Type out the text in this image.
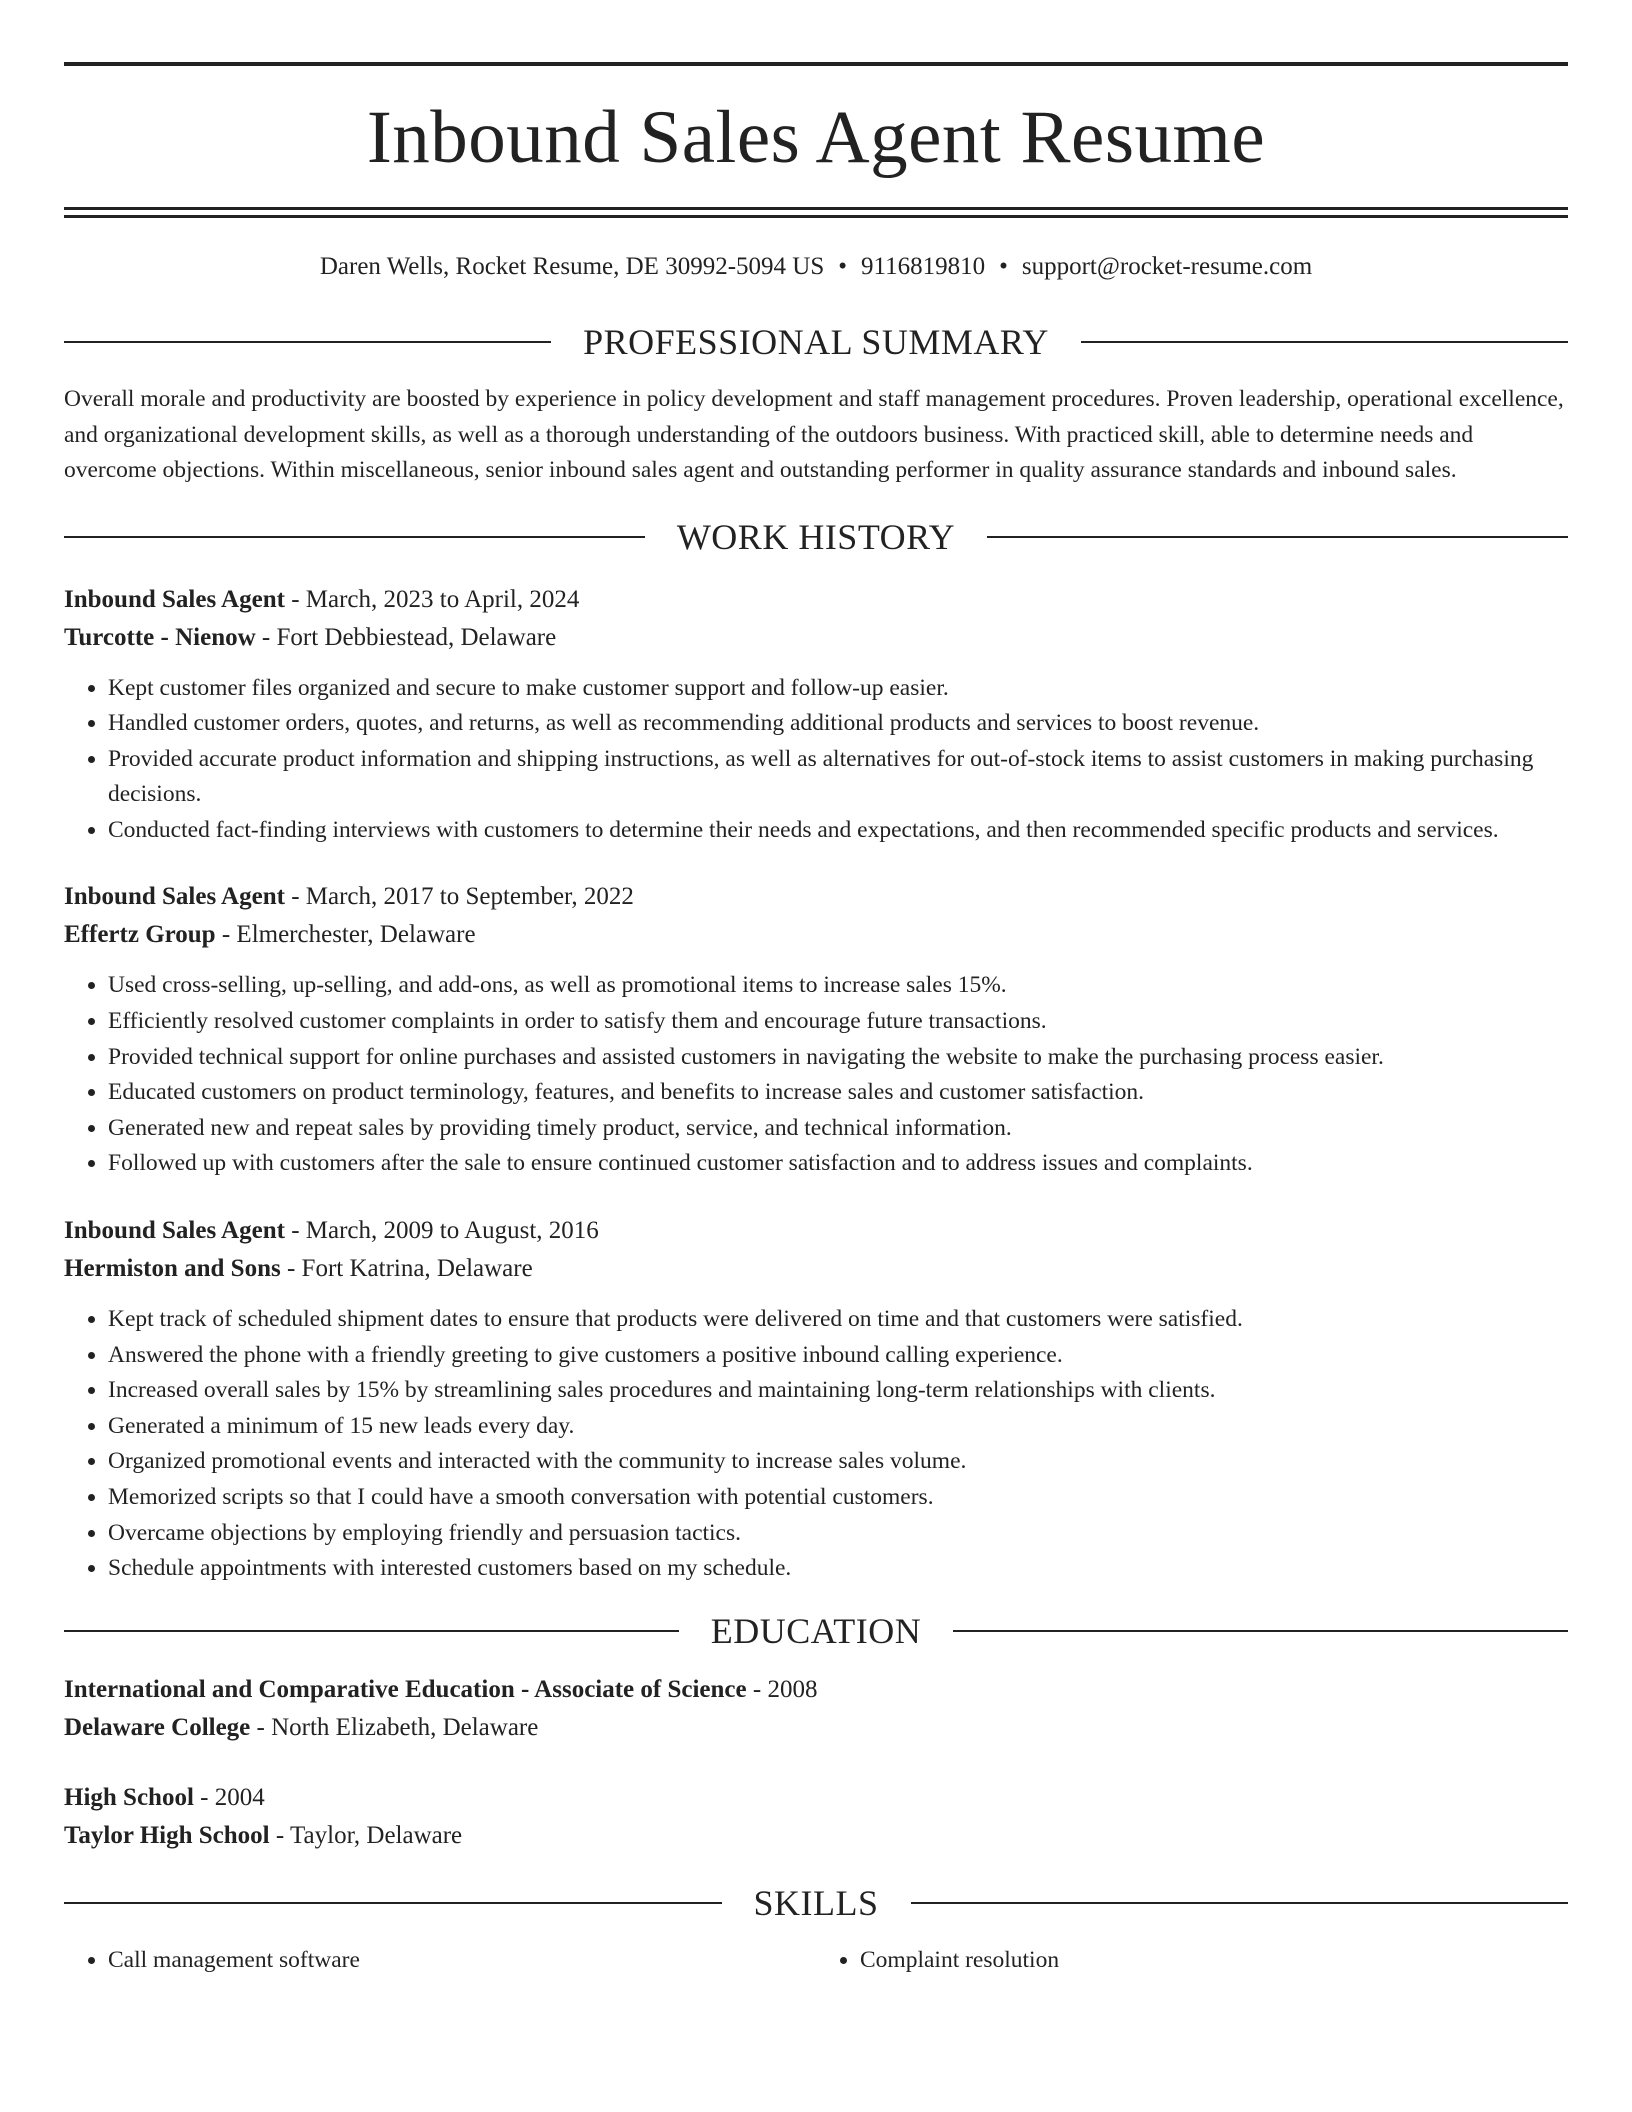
Inbound Sales Agent Resume
Daren Wells, Rocket Resume, DE 30992-5094 US • 9116819810 • support@rocket-resume.com
PROFESSIONAL SUMMARY

Overall morale and productivity are boosted by experience in policy development and staff management procedures. Proven leadership, operational excellence, and organizational development skills, as well as a thorough understanding of the outdoors business. With practiced skill, able to determine needs and overcome objections. Within miscellaneous, senior inbound sales agent and outstanding performer in quality assurance standards and inbound sales.

WORK HISTORY
Inbound Sales Agent - March, 2023 to April, 2024
Turcotte - Nienow - Fort Debbiestead, Delaware
• Kept customer files organized and secure to make customer support and follow-up easier.
• Handled customer orders, quotes, and returns, as well as recommending additional products and services to boost revenue.
• Provided accurate product information and shipping instructions, as well as alternatives for out-of-stock items to assist customers in making purchasing decisions.
• Conducted fact-finding interviews with customers to determine their needs and expectations, and then recommended specific products and services.
Inbound Sales Agent - March, 2017 to September, 2022
Effertz Group - Elmerchester, Delaware
• Used cross-selling, up-selling, and add-ons, as well as promotional items to increase sales 15%.
• Efficiently resolved customer complaints in order to satisfy them and encourage future transactions.
• Provided technical support for online purchases and assisted customers in navigating the website to make the purchasing process easier.
• Educated customers on product terminology, features, and benefits to increase sales and customer satisfaction.
• Generated new and repeat sales by providing timely product, service, and technical information.
• Followed up with customers after the sale to ensure continued customer satisfaction and to address issues and complaints.
Inbound Sales Agent - March, 2009 to August, 2016
Hermiston and Sons - Fort Katrina, Delaware
• Kept track of scheduled shipment dates to ensure that products were delivered on time and that customers were satisfied.
• Answered the phone with a friendly greeting to give customers a positive inbound calling experience.
• Increased overall sales by 15% by streamlining sales procedures and maintaining long-term relationships with clients.
• Generated a minimum of 15 new leads every day.
• Organized promotional events and interacted with the community to increase sales volume.
• Memorized scripts so that I could have a smooth conversation with potential customers.
• Overcame objections by employing friendly and persuasion tactics.
• Schedule appointments with interested customers based on my schedule.
EDUCATION
International and Comparative Education - Associate of Science - 2008
Delaware College - North Elizabeth, Delaware
High School - 2004
Taylor High School - Taylor, Delaware
SKILLS
• Call management software
•	Complaint resolution
